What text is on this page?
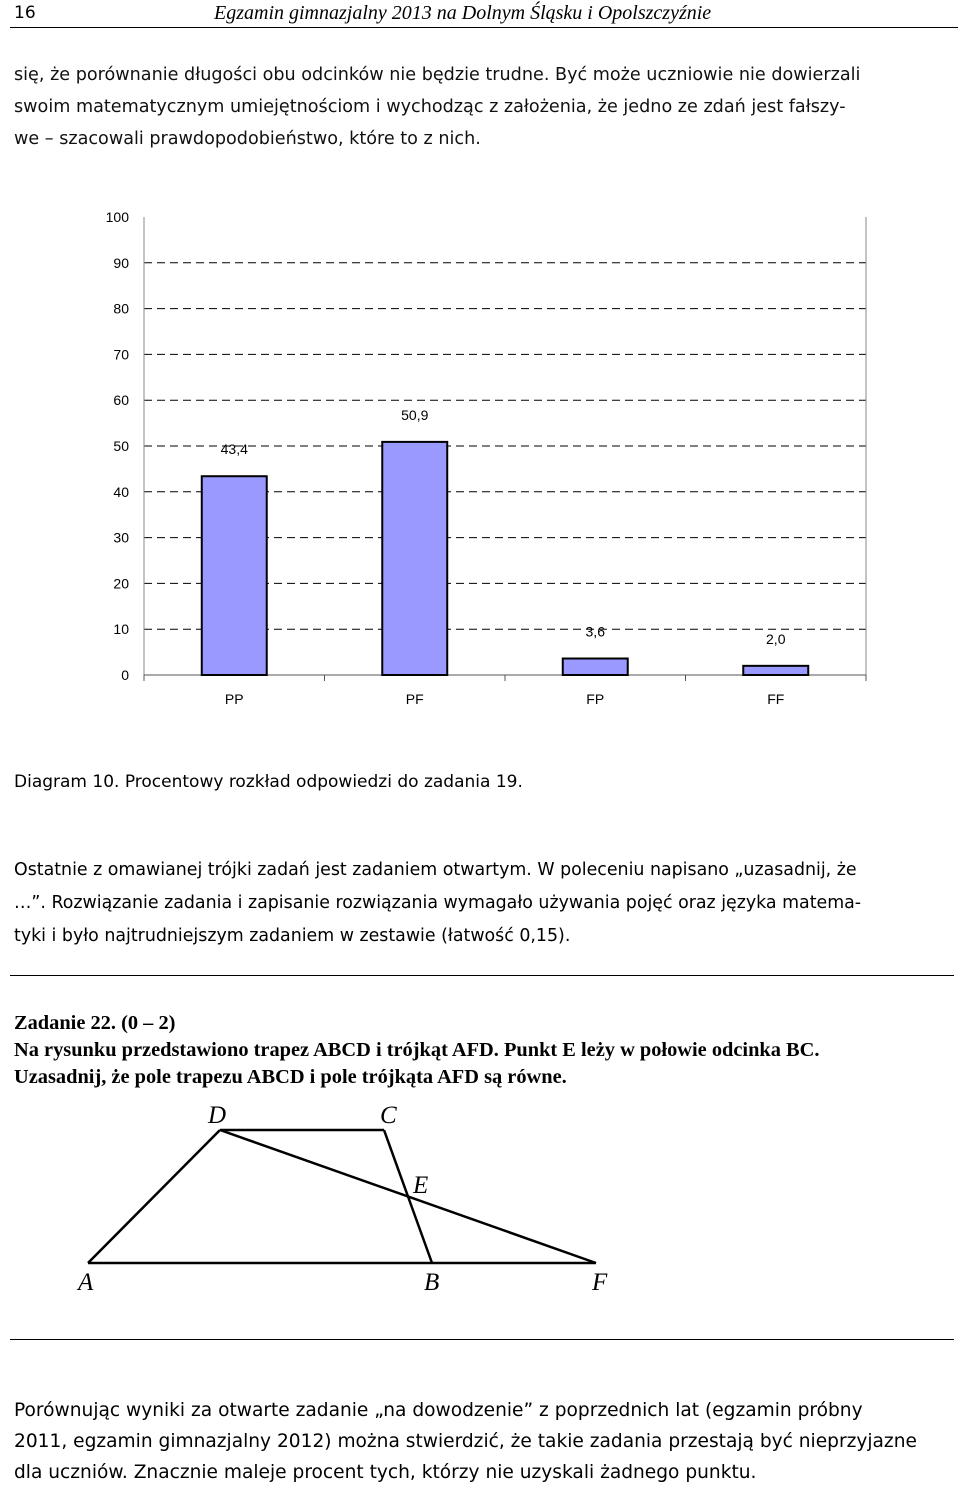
16	Egzamin gimnazjalny 2013 na Dolnym Śląsku i Opolszczyźnie
się, że porównanie długości obu odcinków nie będzie trudne. Być może uczniowie nie dowierzali
swoim matematycznym umiejętnościom i wychodząc z założenia, że jedno ze zdań jest fałszy-
we – szacowali prawdopodobieństwo, które to z nich.
0
10
20
30
40
50
60
70
80
90
100
43,4
PP
50,9
PF
3,6
FP
2,0
FF
Diagram 10. Procentowy rozkład odpowiedzi do zadania 19.
Ostatnie z omawianej trójki zadań jest zadaniem otwartym. W poleceniu napisano „uzasadnij, że
…”. Rozwiązanie zadania i zapisanie rozwiązania wymagało używania pojęć oraz języka matema-
tyki i było najtrudniejszym zadaniem w zestawie (łatwość 0,15).
Zadanie 22. (0 – 2)
Na rysunku przedstawiono trapez ABCD i trójkąt AFD. Punkt E leży w połowie odcinka BC.
Uzasadnij, że pole trapezu ABCD i pole trójkąta AFD są równe.
D	C
E
A	B	F
Porównując wyniki za otwarte zadanie „na dowodzenie” z poprzednich lat (egzamin próbny
2011, egzamin gimnazjalny 2012) można stwierdzić, że takie zadania przestają być nieprzyjazne
dla uczniów. Znacznie maleje procent tych, którzy nie uzyskali żadnego punktu.
